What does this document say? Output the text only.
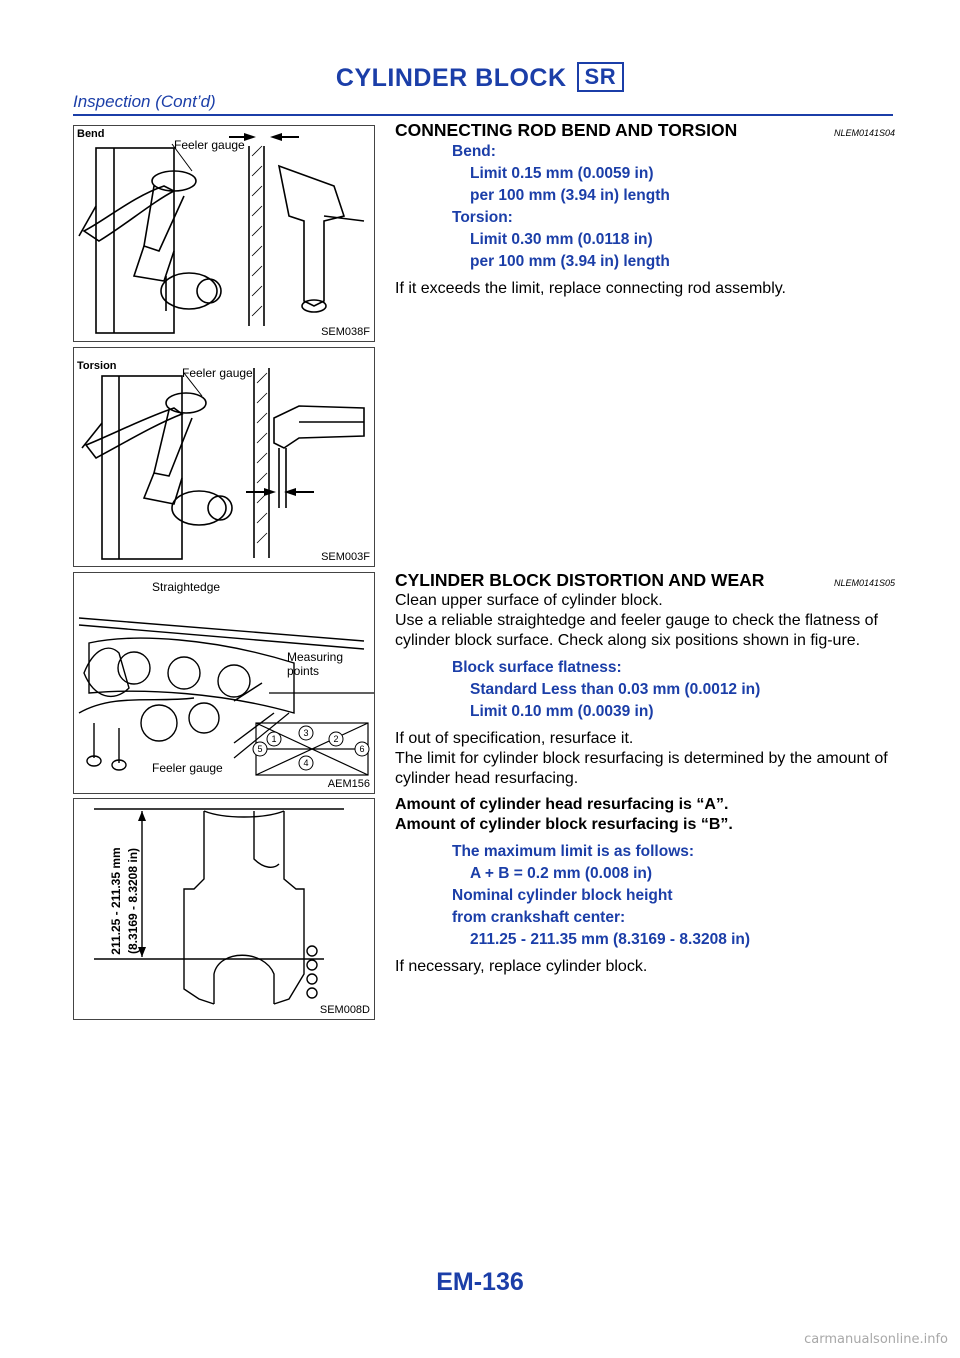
CYLINDER BLOCK SR
Inspection (Cont’d)
Bend
Feeler gauge
SEM038F
Torsion	Feeler gauge
SEM003F
1	2
3
4
5	6
Straightedge
Measuring
points
Feeler gauge
AEM156
211.25 - 211.35 mm (8.3169 - 8.3208 in)
SEM008D
CONNECTING ROD BEND AND TORSION	NLEM0141S04
Bend:
Limit 0.15 mm (0.0059 in)
per 100 mm (3.94 in) length
Torsion:
Limit 0.30 mm (0.0118 in)
per 100 mm (3.94 in) length
If it exceeds the limit, replace connecting rod assembly.
CYLINDER BLOCK DISTORTION AND WEAR	NLEM0141S05
Clean upper surface of cylinder block.
Use a reliable straightedge and feeler gauge to check the flatness of cylinder block surface. Check along six positions shown in fig-ure.
Block surface flatness:
Standard Less than 0.03 mm (0.0012 in)
Limit 0.10 mm (0.0039 in)
If out of specification, resurface it.
The limit for cylinder block resurfacing is determined by the amount of cylinder head resurfacing.
Amount of cylinder head resurfacing is “A”.
Amount of cylinder block resurfacing is “B”.
The maximum limit is as follows:
A + B = 0.2 mm (0.008 in)
Nominal cylinder block height
from crankshaft center:
211.25 - 211.35 mm (8.3169 - 8.3208 in)
If necessary, replace cylinder block.
EM-136
carmanualsonline.info
